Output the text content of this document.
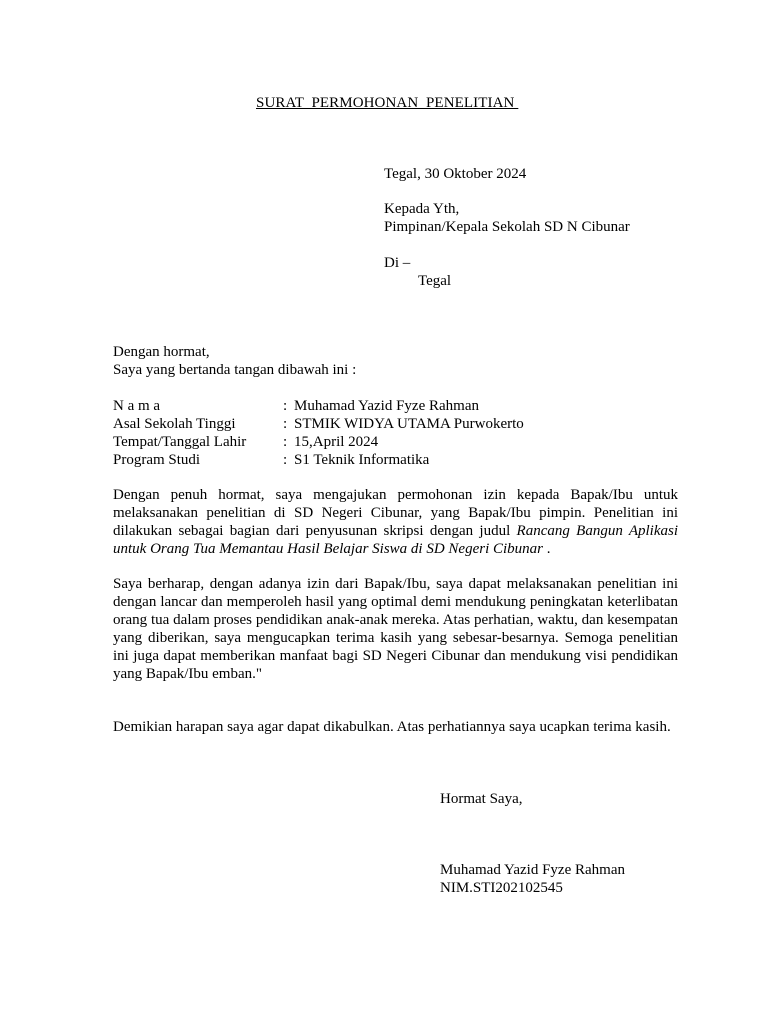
SURAT  PERMOHONAN  PENELITIAN

Tegal, 30 Oktober 2024

Kepada Yth,

Pimpinan/Kepala Sekolah SD N Cibunar

Di –

Tegal

Dengan hormat,

Saya yang bertanda tangan dibawah ini :

N a m a	: Muhamad Yazid Fyze Rahman
Asal Sekolah Tinggi	: STMIK WIDYA UTAMA Purwokerto
Tempat/Tanggal Lahir : 15,April 2024
Program Studi	: S1 Teknik Informatika

Dengan penuh hormat, saya mengajukan permohonan izin kepada Bapak/Ibu untuk melaksanakan penelitian di SD Negeri Cibunar, yang Bapak/Ibu pimpin. Penelitian ini dilakukan sebagai bagian dari penyusunan skripsi dengan judul Rancang Bangun Aplikasi untuk Orang Tua Memantau Hasil Belajar Siswa di SD Negeri Cibunar .

Saya berharap, dengan adanya izin dari Bapak/Ibu, saya dapat melaksanakan penelitian ini dengan lancar dan memperoleh hasil yang optimal demi mendukung peningkatan keterlibatan orang tua dalam proses pendidikan anak-anak mereka. Atas perhatian, waktu, dan kesempatan yang diberikan, saya mengucapkan terima kasih yang sebesar-besarnya. Semoga penelitian ini juga dapat memberikan manfaat bagi SD Negeri Cibunar dan mendukung visi pendidikan yang Bapak/Ibu emban."

Demikian harapan saya agar dapat dikabulkan. Atas perhatiannya saya ucapkan terima kasih.

Hormat Saya,

Muhamad Yazid Fyze Rahman

NIM.STI202102545
